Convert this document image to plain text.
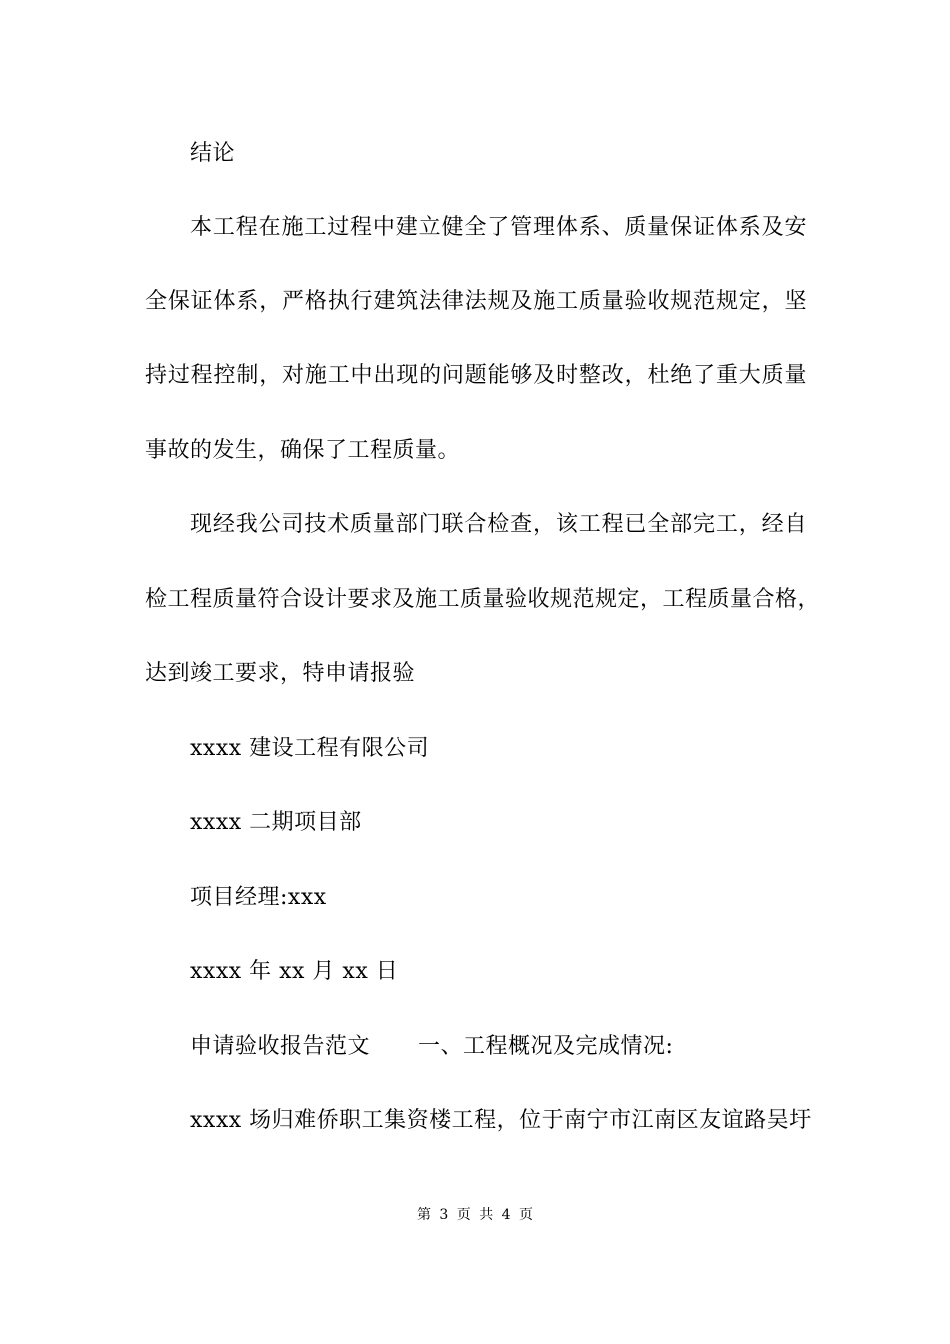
结论
本工程在施工过程中建立健全了管理体系、质量保证体系及安
全保证体系，严格执行建筑法律法规及施工质量验收规范规定，坚
持过程控制，对施工中出现的问题能够及时整改，杜绝了重大质量
事故的发生，确保了工程质量。
现经我公司技术质量部门联合检查，该工程已全部完工，经自
检工程质量符合设计要求及施工质量验收规范规定，工程质量合格，
达到竣工要求，特申请报验
xxxx 建设工程有限公司
xxxx 二期项目部
项目经理:xxx
xxxx 年 xx 月 xx 日
申请验收报告范文 一、工程概况及完成情况:
xxxx 场归难侨职工集资楼工程，位于南宁市江南区友谊路吴圩
第 3 页 共 4 页
